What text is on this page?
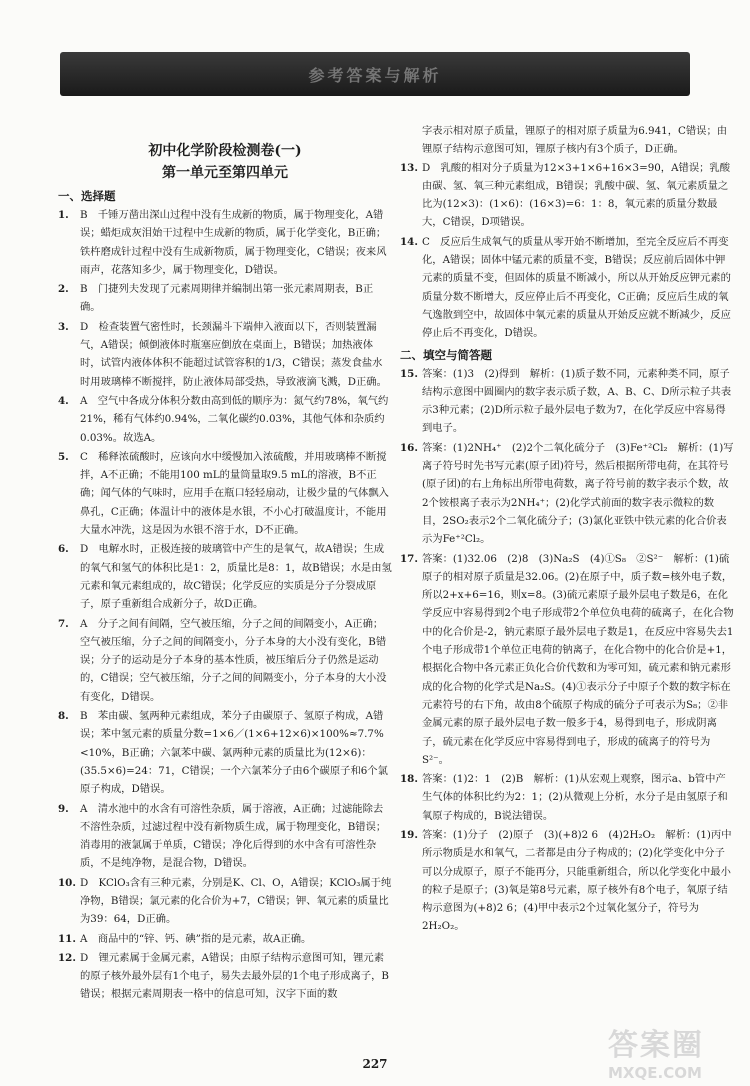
参考答案与解析
初中化学阶段检测卷(一)
第一单元至第四单元
一、选择题
1.	B　千锤万凿出深山过程中没有生成新的物质，属于物理变化，A错误；蜡炬成灰泪始干过程中生成新的物质，属于化学变化，B正确；铁杵磨成针过程中没有生成新物质，属于物理变化，C错误；夜来风雨声，花落知多少，属于物理变化，D错误。
2.	B　门捷列夫发现了元素周期律并编制出第一张元素周期表，B正确。
3.	D　检查装置气密性时，长颈漏斗下端伸入液面以下，否则装置漏气，A错误；倾倒液体时瓶塞应倒放在桌面上，B错误；加热液体时，试管内液体体积不能超过试管容积的1/3，C错误；蒸发食盐水时用玻璃棒不断搅拌，防止液体局部受热，导致液滴飞溅，D正确。
4.	A　空气中各成分体积分数由高到低的顺序为：氮气约78%，氧气约21%，稀有气体约0.94%，二氧化碳约0.03%，其他气体和杂质约0.03%。故选A。
5.	C　稀释浓硫酸时，应该向水中缓慢加入浓硫酸，并用玻璃棒不断搅拌，A不正确；不能用100 mL的量筒量取9.5 mL的溶液，B不正确；闻气体的气味时，应用手在瓶口轻轻扇动，让极少量的气体飘入鼻孔，C正确；体温计中的液体是水银，不小心打破温度计，不能用大量水冲洗，这是因为水银不溶于水，D不正确。
6.	D　电解水时，正极连接的玻璃管中产生的是氧气，故A错误；生成的氧气和氢气的体积比是1：2，质量比是8：1，故B错误；水是由氢元素和氧元素组成的，故C错误；化学反应的实质是分子分裂成原子，原子重新组合成新分子，故D正确。
7.	A　分子之间有间隔，空气被压缩，分子之间的间隔变小，A正确；空气被压缩，分子之间的间隔变小，分子本身的大小没有变化，B错误；分子的运动是分子本身的基本性质，被压缩后分子仍然是运动的，C错误；空气被压缩，分子之间的间隔变小，分子本身的大小没有变化，D错误。
8.	B　苯由碳、氢两种元素组成，苯分子由碳原子、氢原子构成，A错误；苯中氢元素的质量分数=1×6／(1×6+12×6)×100%≈7.7%<10%，B正确；六氯苯中碳、氯两种元素的质量比为(12×6)：(35.5×6)=24：71，C错误；一个六氯苯分子由6个碳原子和6个氯原子构成，D错误。
9.	A　清水池中的水含有可溶性杂质，属于溶液，A正确；过滤能除去不溶性杂质，过滤过程中没有新物质生成，属于物理变化，B错误；消毒用的液氯属于单质，C错误；净化后得到的水中含有可溶性杂质，不是纯净物，是混合物，D错误。
10. D　KClO₃含有三种元素，分别是K、Cl、O，A错误；KClO₃属于纯净物，B错误；氯元素的化合价为+7，C错误；钾、氧元素的质量比为39：64，D正确。
11. A　商品中的“锌、钙、碘”指的是元素，故A正确。
12. D　锂元素属于金属元素，A错误；由原子结构示意图可知，锂元素的原子核外最外层有1个电子，易失去最外层的1个电子形成离子，B错误；根据元素周期表一格中的信息可知，汉字下面的数
字表示相对原子质量，锂原子的相对原子质量为6.941，C错误；由锂原子结构示意图可知，锂原子核内有3个质子，D正确。
13. D　乳酸的相对分子质量为12×3+1×6+16×3=90，A错误；乳酸由碳、氢、氧三种元素组成，B错误；乳酸中碳、氢、氧元素质量之比为(12×3)：(1×6)：(16×3)=6：1：8，氧元素的质量分数最大，C错误，D项错误。
14. C　反应后生成氧气的质量从零开始不断增加，至完全反应后不再变化，A错误；固体中锰元素的质量不变，B错误；反应前后固体中钾元素的质量不变，但固体的质量不断减小，所以从开始反应钾元素的质量分数不断增大，反应停止后不再变化，C正确；反应后生成的氧气逸散到空中，故固体中氧元素的质量从开始反应就不断减少，反应停止后不再变化，D错误。
二、填空与简答题
15. 答案：(1)3　(2)得到　解析：(1)质子数不同，元素种类不同，原子结构示意图中圆圈内的数字表示质子数，A、B、C、D所示粒子共表示3种元素；(2)D所示粒子最外层电子数为7，在化学反应中容易得到电子。
16. 答案：(1)2NH₄⁺　(2)2个二氧化硫分子　(3)Fe⁺²Cl₂　解析：(1)写离子符号时先书写元素(原子团)符号，然后根据所带电荷，在其符号(原子团)的右上角标出所带电荷数，离子符号前的数字表示个数，故2个铵根离子表示为2NH₄⁺；(2)化学式前面的数字表示微粒的数目，2SO₂表示2个二氧化硫分子；(3)氯化亚铁中铁元素的化合价表示为Fe⁺²Cl₂。
17. 答案：(1)32.06　(2)8　(3)Na₂S　(4)①S₈　②S²⁻　解析：(1)硫原子的相对原子质量是32.06。(2)在原子中，质子数=核外电子数，所以2+x+6=16，则x=8。(3)硫元素原子最外层电子数是6，在化学反应中容易得到2个电子形成带2个单位负电荷的硫离子，在化合物中的化合价是-2，钠元素原子最外层电子数是1，在反应中容易失去1个电子形成带1个单位正电荷的钠离子，在化合物中的化合价是+1，根据化合物中各元素正负化合价代数和为零可知，硫元素和钠元素形成的化合物的化学式是Na₂S。(4)①表示分子中原子个数的数字标在元素符号的右下角，故由8个硫原子构成的硫分子可表示为S₈；②非金属元素的原子最外层电子数一般多于4，易得到电子，形成阴离子，硫元素在化学反应中容易得到电子，形成的硫离子的符号为S²⁻。
18. 答案：(1)2：1　(2)B　解析：(1)从宏观上观察，图示a、b管中产生气体的体积比约为2：1；(2)从微观上分析，水分子是由氢原子和氧原子构成的，B说法错误。
19. 答案：(1)分子　(2)原子　(3)(+8)2 6　(4)2H₂O₂　解析：(1)丙中所示物质是水和氧气，二者都是由分子构成的；(2)化学变化中分子可以分成原子，原子不能再分，只能重新组合，所以化学变化中最小的粒子是原子；(3)氧是第8号元素，原子核外有8个电子，氧原子结构示意图为(+8)2 6；(4)甲中表示2个过氧化氢分子，符号为2H₂O₂。
227
答案圈
MXQE.COM
